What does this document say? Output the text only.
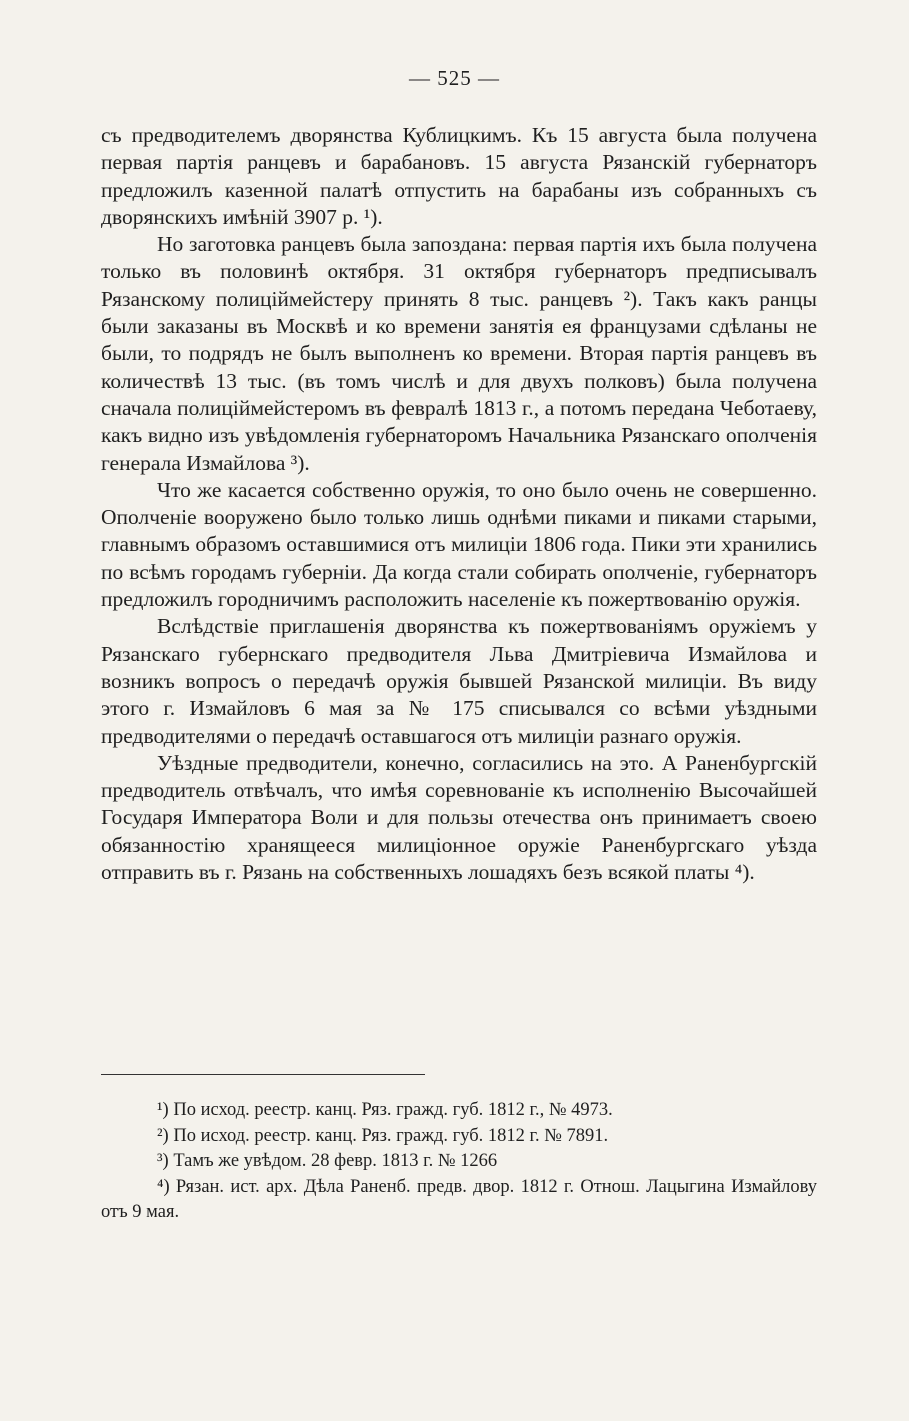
— 525 —

съ предводителемъ дворянства Кублицкимъ. Къ 15 августа была получена первая партія ранцевъ и барабановъ. 15 августа Рязанскій губернаторъ предложилъ казенной палатѣ отпустить на барабаны изъ собранныхъ съ дворянскихъ имѣній 3907 р. ¹).

Но заготовка ранцевъ была запоздана: первая партія ихъ была получена только въ половинѣ октября. 31 октября губернаторъ предписывалъ Рязанскому полиціймейстеру принять 8 тыс. ранцевъ ²). Такъ какъ ранцы были заказаны въ Москвѣ и ко времени занятія ея французами сдѣланы не были, то подрядъ не былъ выполненъ ко времени. Вторая партія ранцевъ въ количествѣ 13 тыс. (въ томъ числѣ и для двухъ полковъ) была получена сначала полиціймейстеромъ въ февралѣ 1813 г., а потомъ передана Чеботаеву, какъ видно изъ увѣдомленія губернаторомъ Начальника Рязанскаго ополченія генерала Измайлова ³).

Что же касается собственно оружія, то оно было очень не совершенно. Ополченіе вооружено было только лишь однѣми пиками и пиками старыми, главнымъ образомъ оставшимися отъ милиціи 1806 года. Пики эти хранились по всѣмъ городамъ губерніи. Да когда стали собирать ополченіе, губернаторъ предложилъ городничимъ расположить населеніе къ пожертвованію оружія.

Вслѣдствіе приглашенія дворянства къ пожертвованіямъ оружіемъ у Рязанскаго губернскаго предводителя Льва Дмитріевича Измайлова и возникъ вопросъ о передачѣ оружія бывшей Рязанской милиціи. Въ виду этого г. Измайловъ 6 мая за № 175 списывался со всѣми уѣздными предводителями о передачѣ оставшагося отъ милиціи разнаго оружія.

Уѣздные предводители, конечно, согласились на это. А Раненбургскій предводитель отвѣчалъ, что имѣя соревнованіе къ исполненію Высочайшей Государя Императора Воли и для пользы отечества онъ принимаетъ своею обязанностію хранящееся милиціонное оружіе Раненбургскаго уѣзда отправить въ г. Рязань на собственныхъ лошадяхъ безъ всякой платы ⁴).

¹) По исход. реестр. канц. Ряз. гражд. губ. 1812 г., № 4973.

²) По исход. реестр. канц. Ряз. гражд. губ. 1812 г. № 7891.

³) Тамъ же увѣдом. 28 февр. 1813 г. № 1266

⁴) Рязан. ист. арх. Дѣла Раненб. предв. двор. 1812 г. Отнош. Лацыгина Измайлову отъ 9 мая.
